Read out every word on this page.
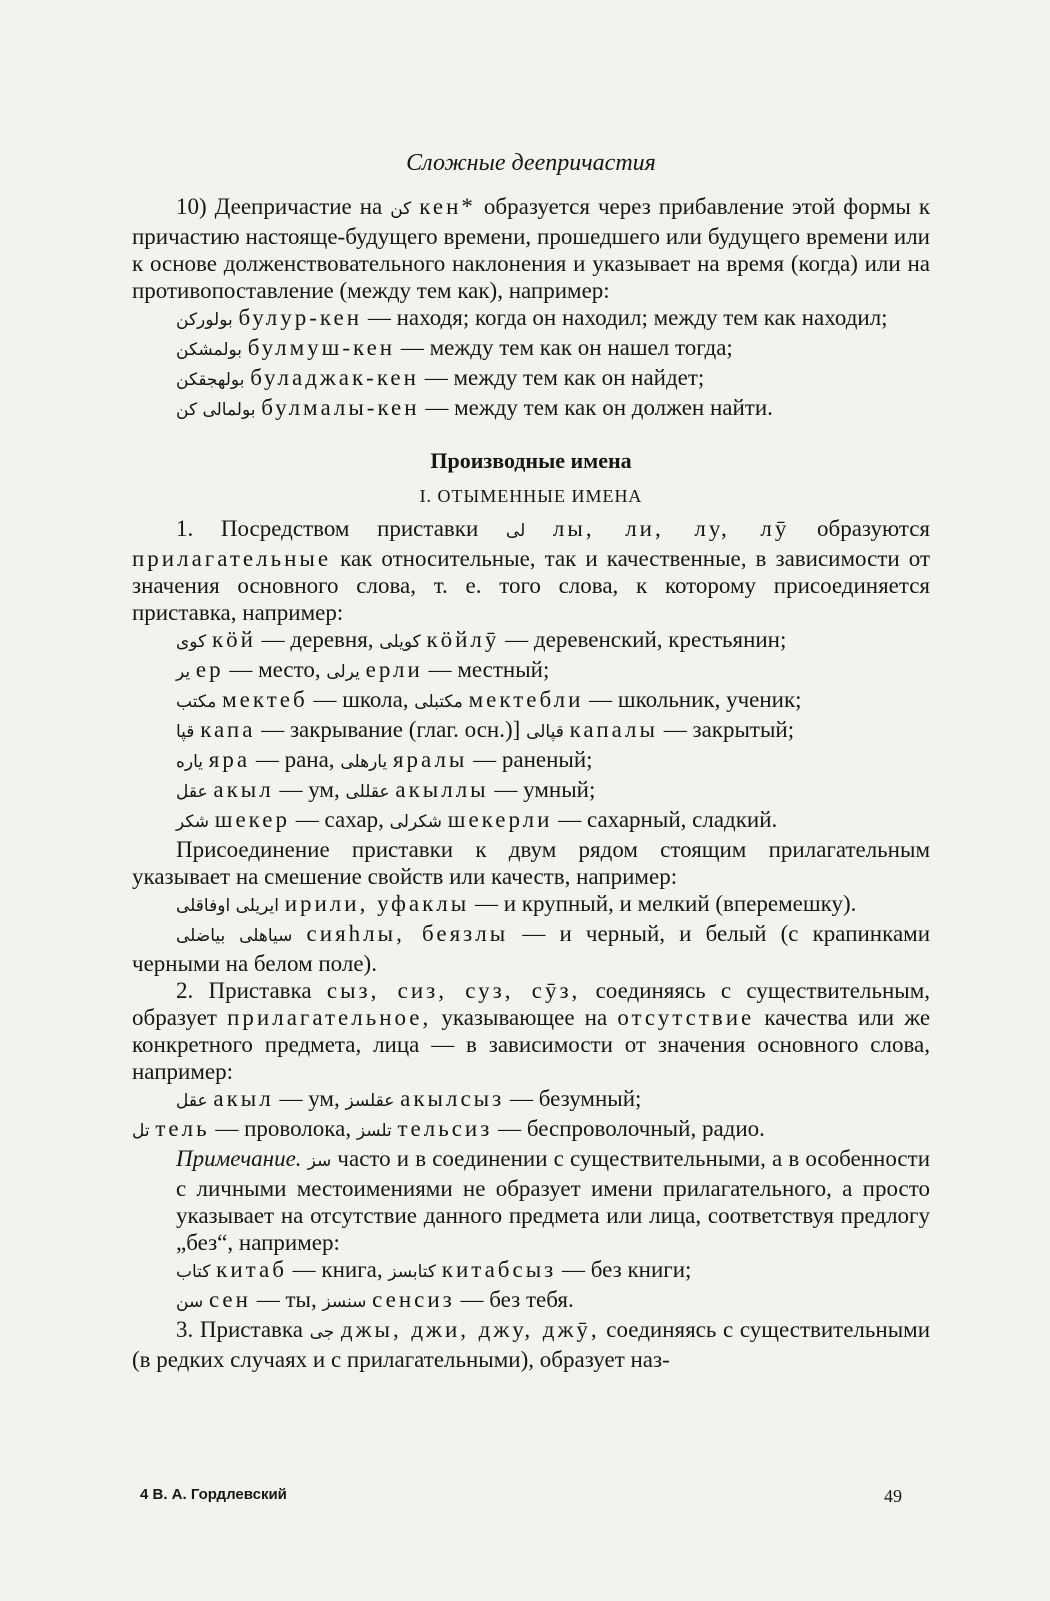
Сложные деепричастия

10) Деепричастие на کن кен* образуется через прибавление этой формы к причастию настояще-будущего времени, прошедшего или будущего времени или к основе долженствовательного наклонения и указывает на время (когда) или на противопоставление (между тем как), например:

بولورکن булур-кен — находя; когда он находил; между тем как находил;

بولمشکن булмуш-кен — между тем как он нашел тогда;

بولهجقکن буладжак-кен — между тем как он найдет;

بولمالی کن булмалы-кен — между тем как он должен найти.

Производные имена
I. ОТЫМЕННЫЕ ИМЕНА

1. Посредством приставки لی лы, ли, лу, лӯ образуются прилагательные как относительные, так и качественные, в зависимости от значения основного слова, т. е. того слова, к которому присоединяется приставка, например:

کوی кӧй — деревня, کویلی кӧйлӯ — деревенский, крестьянин;

یر ер — место, یرلی ерли — местный;

مکتب мектеб — школа, مکتبلی мектебли — школьник, ученик;

قپا капа — закрывание (глаг. осн.)] قپالی капалы — закрытый;

یاره яра — рана, یارهلی яралы — раненый;

عقل акыл — ум, عقللی акыллы — умный;

شکر шекер — сахар, شکرلی шекерли — сахарный, сладкий.

Присоединение приставки к двум рядом стоящим прилагательным указывает на смешение свойств или качеств, например:

ایریلی اوفاقلی ирили, уфаклы — и крупный, и мелкий (вперемешку).

سیاهلی بیاضلی сияhлы, беязлы — и черный, и белый (с крапинками черными на белом поле).

2. Приставка сыз, сиз, суз, сӯз, соединяясь с существительным, образует прилагательное, указывающее на отсутствие качества или же конкретного предмета, лица — в зависимости от значения основного слова, например:

عقل акыл — ум, عقلسز акылсыз — безумный;

تل тель — проволока, تلسز тельсиз — беспроволочный, радио.

Примечание. سز часто и в соединении с существительными, а в особенности с личными местоимениями не образует имени прилагательного, а просто указывает на отсутствие данного предмета или лица, соответствуя предлогу „без“, например:

کتاب китаб — книга, کتابسز китабсыз — без книги;

سن сен — ты, سنسز сенсиз — без тебя.

3. Приставка جی джы, джи, джу, джӯ, соединяясь с существительными (в редких случаях и с прилагательными), образует наз-

4 В. А. Гордлевский	49
